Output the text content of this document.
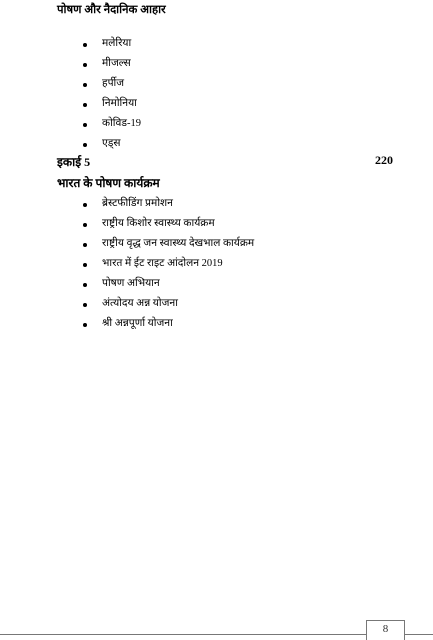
पोषण और नैदानिक आहार
मलेरिया
मीजल्स
हर्पीज
निमोनिया
कोविड-19
एड्स
इकाई 5	220
भारत के पोषण कार्यक्रम
ब्रेस्टफीडिंग प्रमोशन
राष्ट्रीय किशोर स्वास्थ्य कार्यक्रम
राष्ट्रीय वृद्ध जन स्वास्थ्य देखभाल कार्यक्रम
भारत में ईट राइट आंदोलन 2019
पोषण अभियान
अंत्योदय अन्न योजना
श्री अन्नपूर्णा योजना
8
